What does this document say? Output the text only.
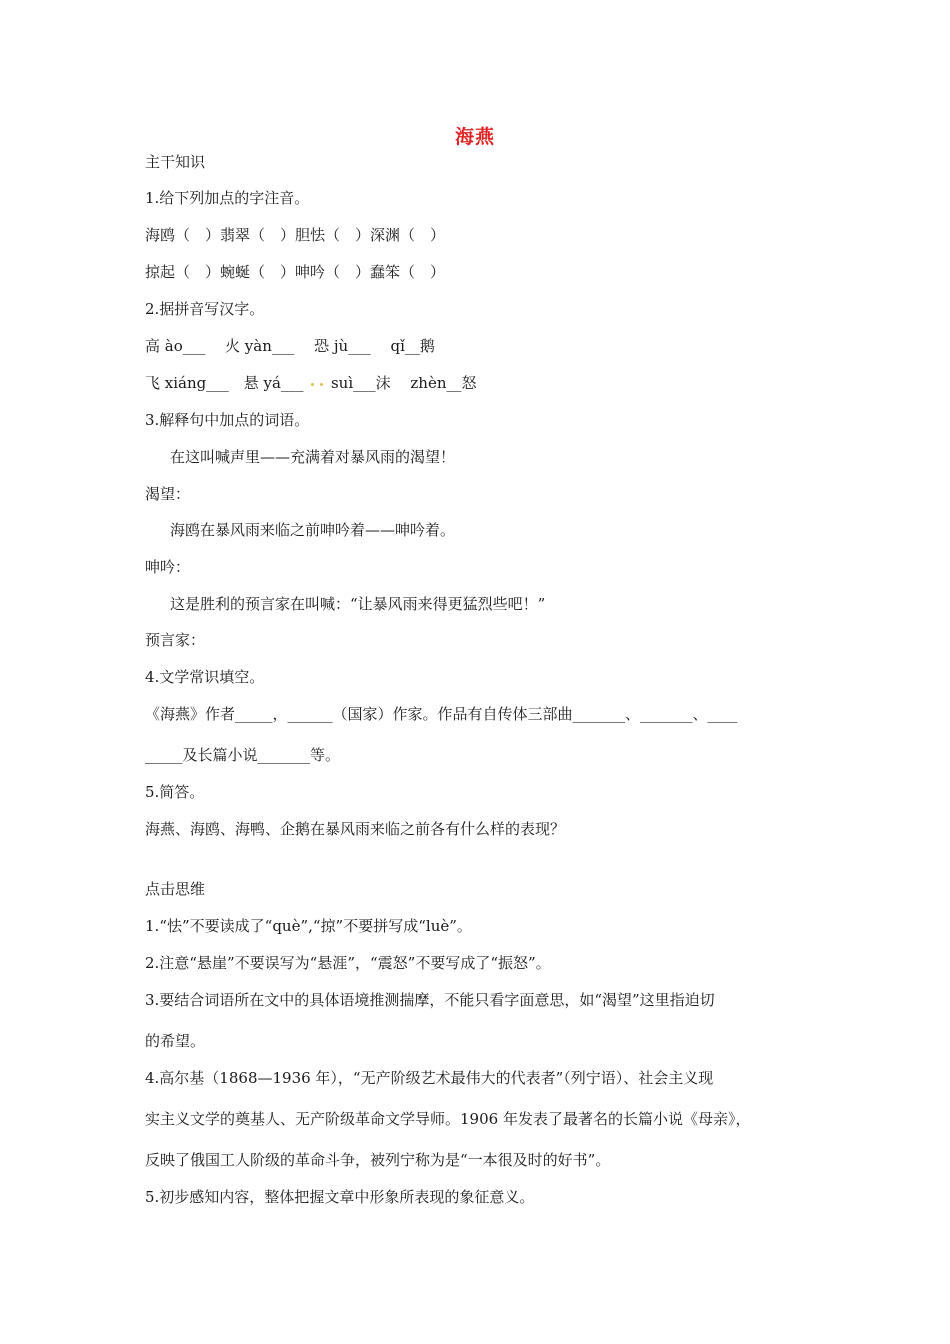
海燕
主干知识
1.给下列加点的字注音。
海鸥（　）翡翠（　）胆怯（　）深渊（　）
掠起（　）蜿蜒（　）呻吟（　）蠢笨（　）
2.据拼音写汉字。
高 ào___　 火 yàn___　 恐 jù___　 qǐ__鹅
飞 xiáng___　悬 yá___ suì___沫　 zhèn__怒
3.解释句中加点的词语。
在这叫喊声里——充满着对暴风雨的渴望！
渴望：
海鸥在暴风雨来临之前呻吟着——呻吟着。
呻吟：
这是胜利的预言家在叫喊：“让暴风雨来得更猛烈些吧！”
预言家：
4.文学常识填空。
《海燕》作者_____，______（国家）作家。作品有自传体三部曲_______、_______、____
_____及长篇小说_______等。
5.简答。
海燕、海鸥、海鸭、企鹅在暴风雨来临之前各有什么样的表现？
点击思维
1.“怯”不要读成了“què”,“掠”不要拼写成“luè”。
2.注意“悬崖”不要误写为“悬涯”，“震怒”不要写成了“振怒”。
3.要结合词语所在文中的具体语境推测揣摩，不能只看字面意思，如“渴望”这里指迫切
的希望。
4.高尔基（1868—1936 年），“无产阶级艺术最伟大的代表者”（列宁语）、社会主义现
实主义文学的奠基人、无产阶级革命文学导师。1906 年发表了最著名的长篇小说《母亲》，
反映了俄国工人阶级的革命斗争，被列宁称为是“一本很及时的好书”。
5.初步感知内容，整体把握文章中形象所表现的象征意义。
